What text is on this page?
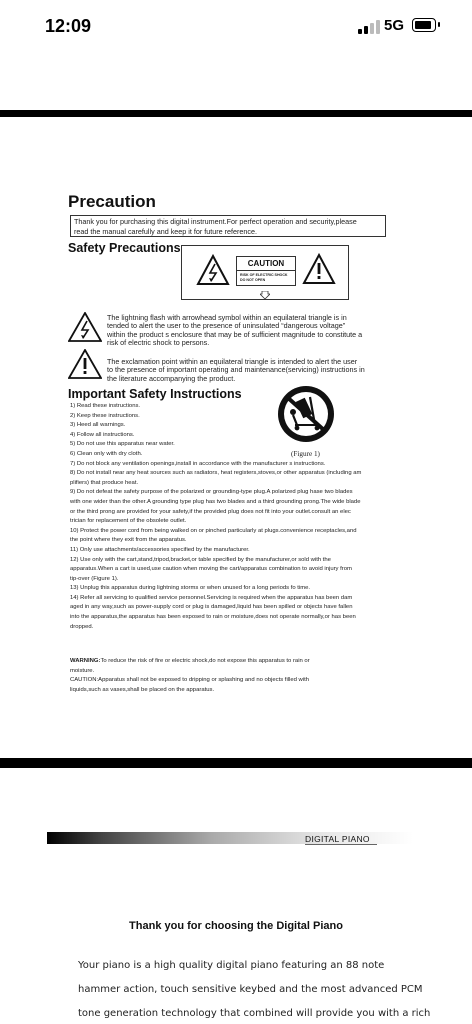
12:09	5G
Precaution
Thank you for purchasing this digital instrument.For perfect operation and security,please
read the manual carefully and keep it for future reference.
Safety Precautions
CAUTION
RISK OF ELECTRIC SHOCK
DO NOT OPEN
The lightning flash with arrowhead symbol within an equilateral triangle is in
tended to alert the user to the presence of uninsulated “dangerous voltage”
within the product s enclosure that may be of sufficient magnitude to constitute a
risk of electric shock to persons.
The exclamation point within an equilateral triangle is intended to alert the user
to the presence of important operating and maintenance(servicing) instructions in
the literature accompanying the product.
Important Safety Instructions
(Figure 1)
1) Read these instructions.
2) Keep these instructions.
3) Heed all warnings.
4) Follow all instructions.
5) Do not use this apparatus near water.
6) Clean only with dry cloth.
7) Do not block any ventilation openings,install in accordance with the manufacturer s instructions.
8) Do not install near any heat sources such as radiators, heat registers,stoves,or other apparatus (including am
plifiers) that produce heat.
9) Do not defeat the safety purpose of the polarized or grounding-type plug.A polarized plug hase two blades
with one wider than the other.A grounding type plug has two blades and a third grounding prong.The wide blade
or the third prong are provided for your safety,if the provided plug does not fit into your outlet.consult an elec
trician for replacement of the obsolete outlet.
10) Protect the power cord from being walked on or pinched particularly at plugs.convenience receptacles,and
the point where they exit from the apparatus.
11) Only use attachments/accessories specified by the manufacturer.
12) Use only with the cart,stand,tripod,bracket,or table specified by the manufacturer,or sold with the
apparatus.When a cart is used,use caution when moving the cart/apparatus combination to avoid injury from
tip-over (Figure 1).
13) Unplug this apparatus during lightning storms or when unused for a long periods fo time.
14) Refer all servicing to qualified service personnel.Servicing is required when the apparatus has been dam
aged in any way,such as power-supply cord or plug is damaged,liquid has been spilled or objects have fallen
into the apparatus,the apparatus has been exposed to rain or moisture,does not operate normally,or has been
dropped.
WARNING:To reduce the risk of fire or electric shock,do not expose this apparatus to rain or
moisture.
CAUTION:Apparatus shall not be exposed to dripping or splashing and no objects filled with
liquids,such as vases,shall be placed on the apparatus.
DIGITAL PIANO
Thank you for choosing the Digital Piano
Your piano is a high quality digital piano featuring an 88 note
hammer action, touch sensitive keybed and the most advanced PCM
tone generation technology that combined will provide you with a rich
